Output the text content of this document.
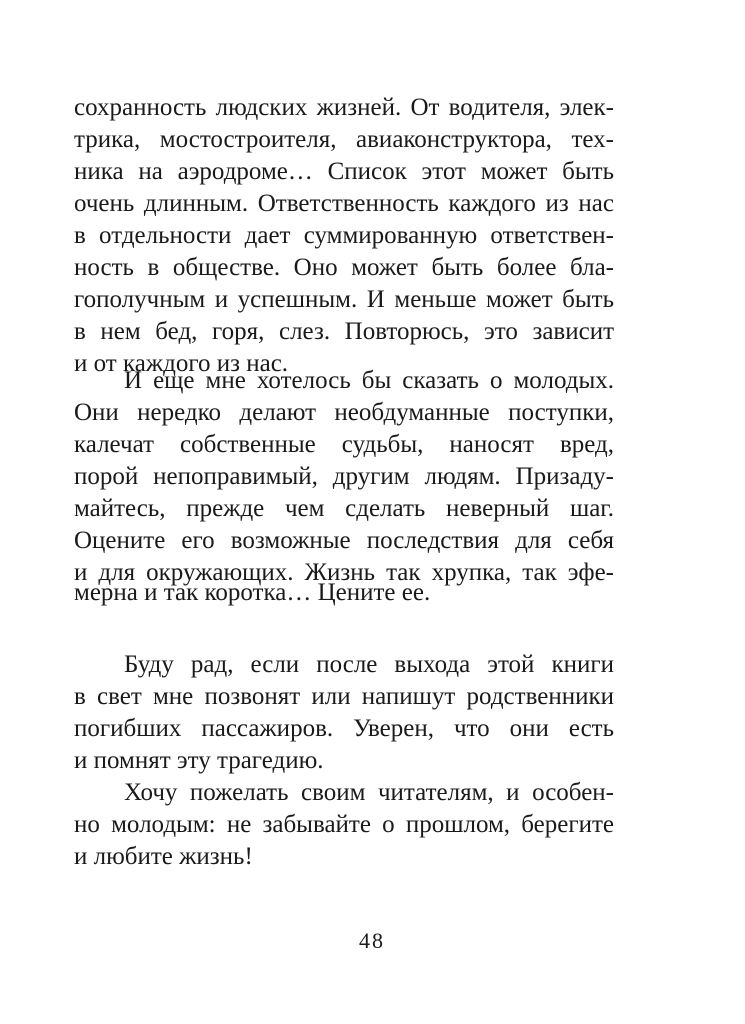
сохранность людских жизней. От водителя, элек-
трика, мостостроителя, авиаконструктора, тех-
ника на аэродроме… Список этот может быть
очень длинным. Ответственность каждого из нас
в отдельности дает суммированную ответствен-
ность в обществе. Оно может быть более бла-
гополучным и успешным. И меньше может быть
в нем бед, горя, слез. Повторюсь, это зависит
и от каждого из нас.
И еще мне хотелось бы сказать о молодых.
Они нередко делают необдуманные поступки,
калечат собственные судьбы, наносят вред,
порой непоправимый, другим людям. Призаду-
майтесь, прежде чем сделать неверный шаг.
Оцените его возможные последствия для себя
и для окружающих. Жизнь так хрупка, так эфе-
мерна и так коротка… Цените ее.
Буду рад, если после выхода этой книги
в свет мне позвонят или напишут родственники
погибших пассажиров. Уверен, что они есть
и помнят эту трагедию.
Хочу пожелать своим читателям, и особен-
но молодым: не забывайте о прошлом, берегите
и любите жизнь!
48
